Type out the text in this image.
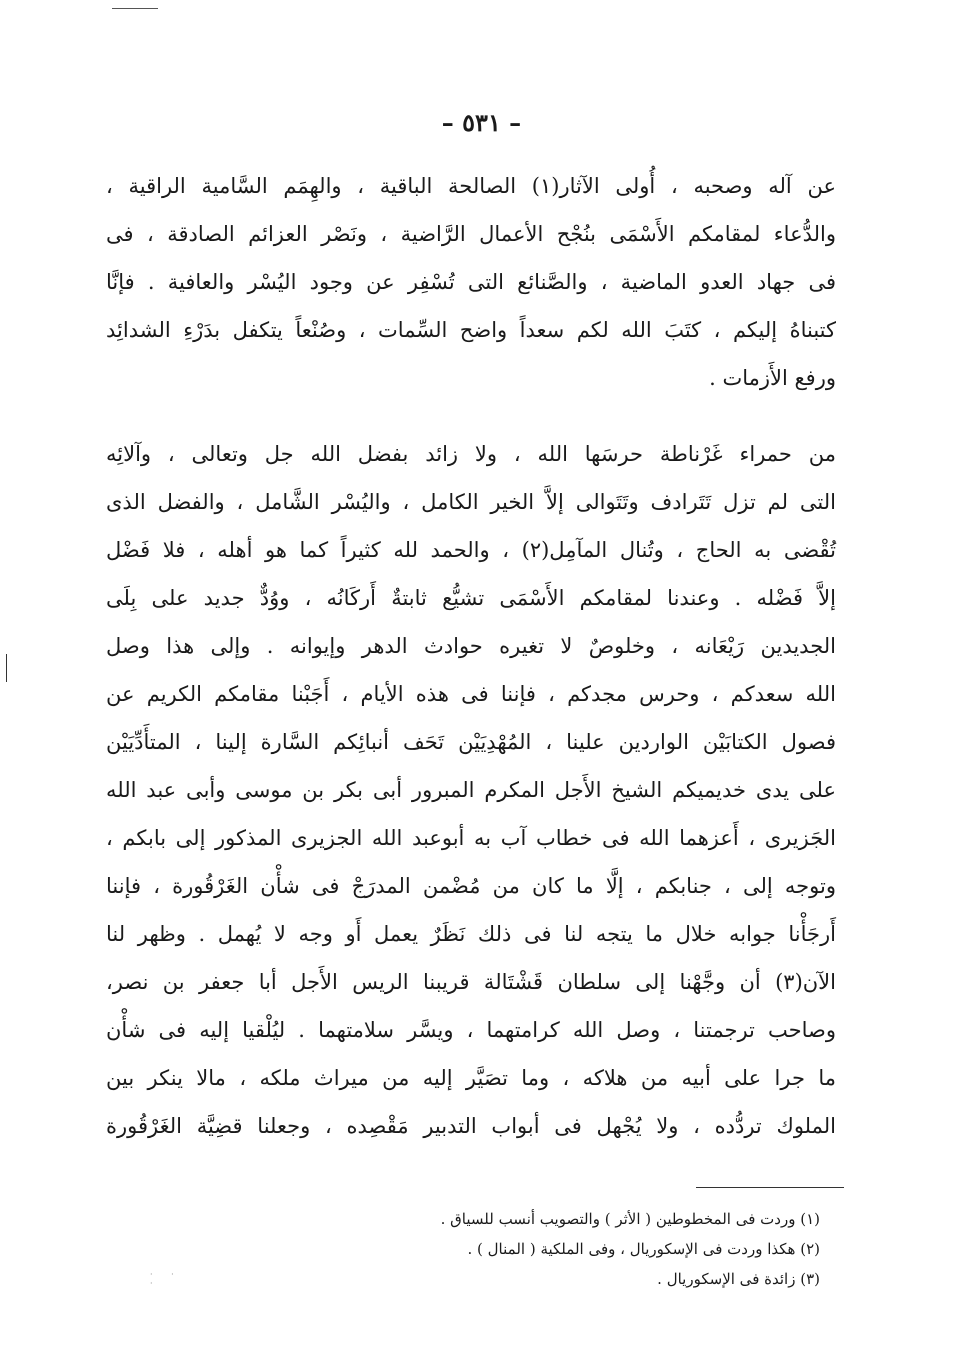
– ٥٣١ –
عن آله وصحبه ، أُولى الآثار(١) الصالحة الباقية ، والهِمَم السَّامية الراقية ،
والدُّعاء لمقامكم الأَسْمَى بنُجْح الأعمال الرَّاضية ، ونَصْر العزائم الصادقة ، فى
فى جهاد العدو الماضية ، والصَّنائع التى تُسْفِر عن وجود اليُسْر والعافية . فإنَّا
كتبناهُ إليكم ، كتَبَ الله لكم سعداً واضح السِّمات ، وصُنْعاً يتكفل بدَرْءِ الشدائِد
ورفع الأَزمات .
من حمراء غَرْناطة حرسَها الله ، ولا زائد بفضل الله جل وتعالى ، وآلائِه
التى لم تزل تَتَرادف وتَتَوالى إلاَّ الخير الكامل ، واليُسْر الشَّامل ، والفضل الذى
تُقْضى به الحاج ، وتُنال المآمِل(٢) ، والحمد لله كثيراً كما هو أهله ، فلا فَضْل
إلاَّ فَضْله . وعندنا لمقامكم الأَسْمَى تشيُّع ثابتةٌ أَركَانُه ، ووُدٌّ جديد على بِلَى
الجديدين رَيْعَانه ، وخلوصٌ لا تغيره حوادث الدهر وإيوانه . وإلى هذا وصل
الله سعدكم ، وحرس مجدكم ، فإننا فى هذه الأيام ، أَجَبْنا مقامكم الكريم عن
فصول الكتابَيْن الواردين علينا ، المُهْدِيَيْن تَحَف أنبائِكم السَّارة إلينا ، المتأَدِّيَيْن
على يدى خديميكم الشيخ الأَجل المكرم المبرور أبى بكر بن موسى وأبى عبد الله
الجَزيرى ، أَعزهما الله فى خطاب آب به أبوعبد الله الجزيرى المذكور إلى بابكم ،
وتوجه إلى ، جنابكم ، إلَّا ما كان من مُضْمن المدرَجْ فى شأْن الغَرْقُورة ، فإننا
أَرجَأْنا جوابه خلال ما يتجه لنا فى ذلك نَظَرٌ يعمل أَو وجه لا يُهمل . وظهر لنا
الآن(٣) أن وجَّهْنا إلى سلطان قَشْتَالة قريبنا الريس الأَجل أبا جعفر بن نصر،
وصاحب ترجمتنا ، وصل الله كرامتهما ، ويسَّر سلامتهما . ليُلْقيا إليه فى شأْن
ما جرا على أبيه من هلاكه ، وما تصَيَّر إليه من ميراث ملكه ، مالا ينكر بين
الملوك تردُّده ، ولا يُجْهل فى أبواب التدبير مَقْصِده ، وجعلنا قضِيَّة الغَرْقُورة
(١) وردت فى المخطوطين ( الأثر ) والتصويب أنسب للسياق .
(٢) هكذا وردت فى الإسكوريال ، وفى الملكية ( المنال ) .
(٣) زائدة فى الإسكوريال .
· · ·
